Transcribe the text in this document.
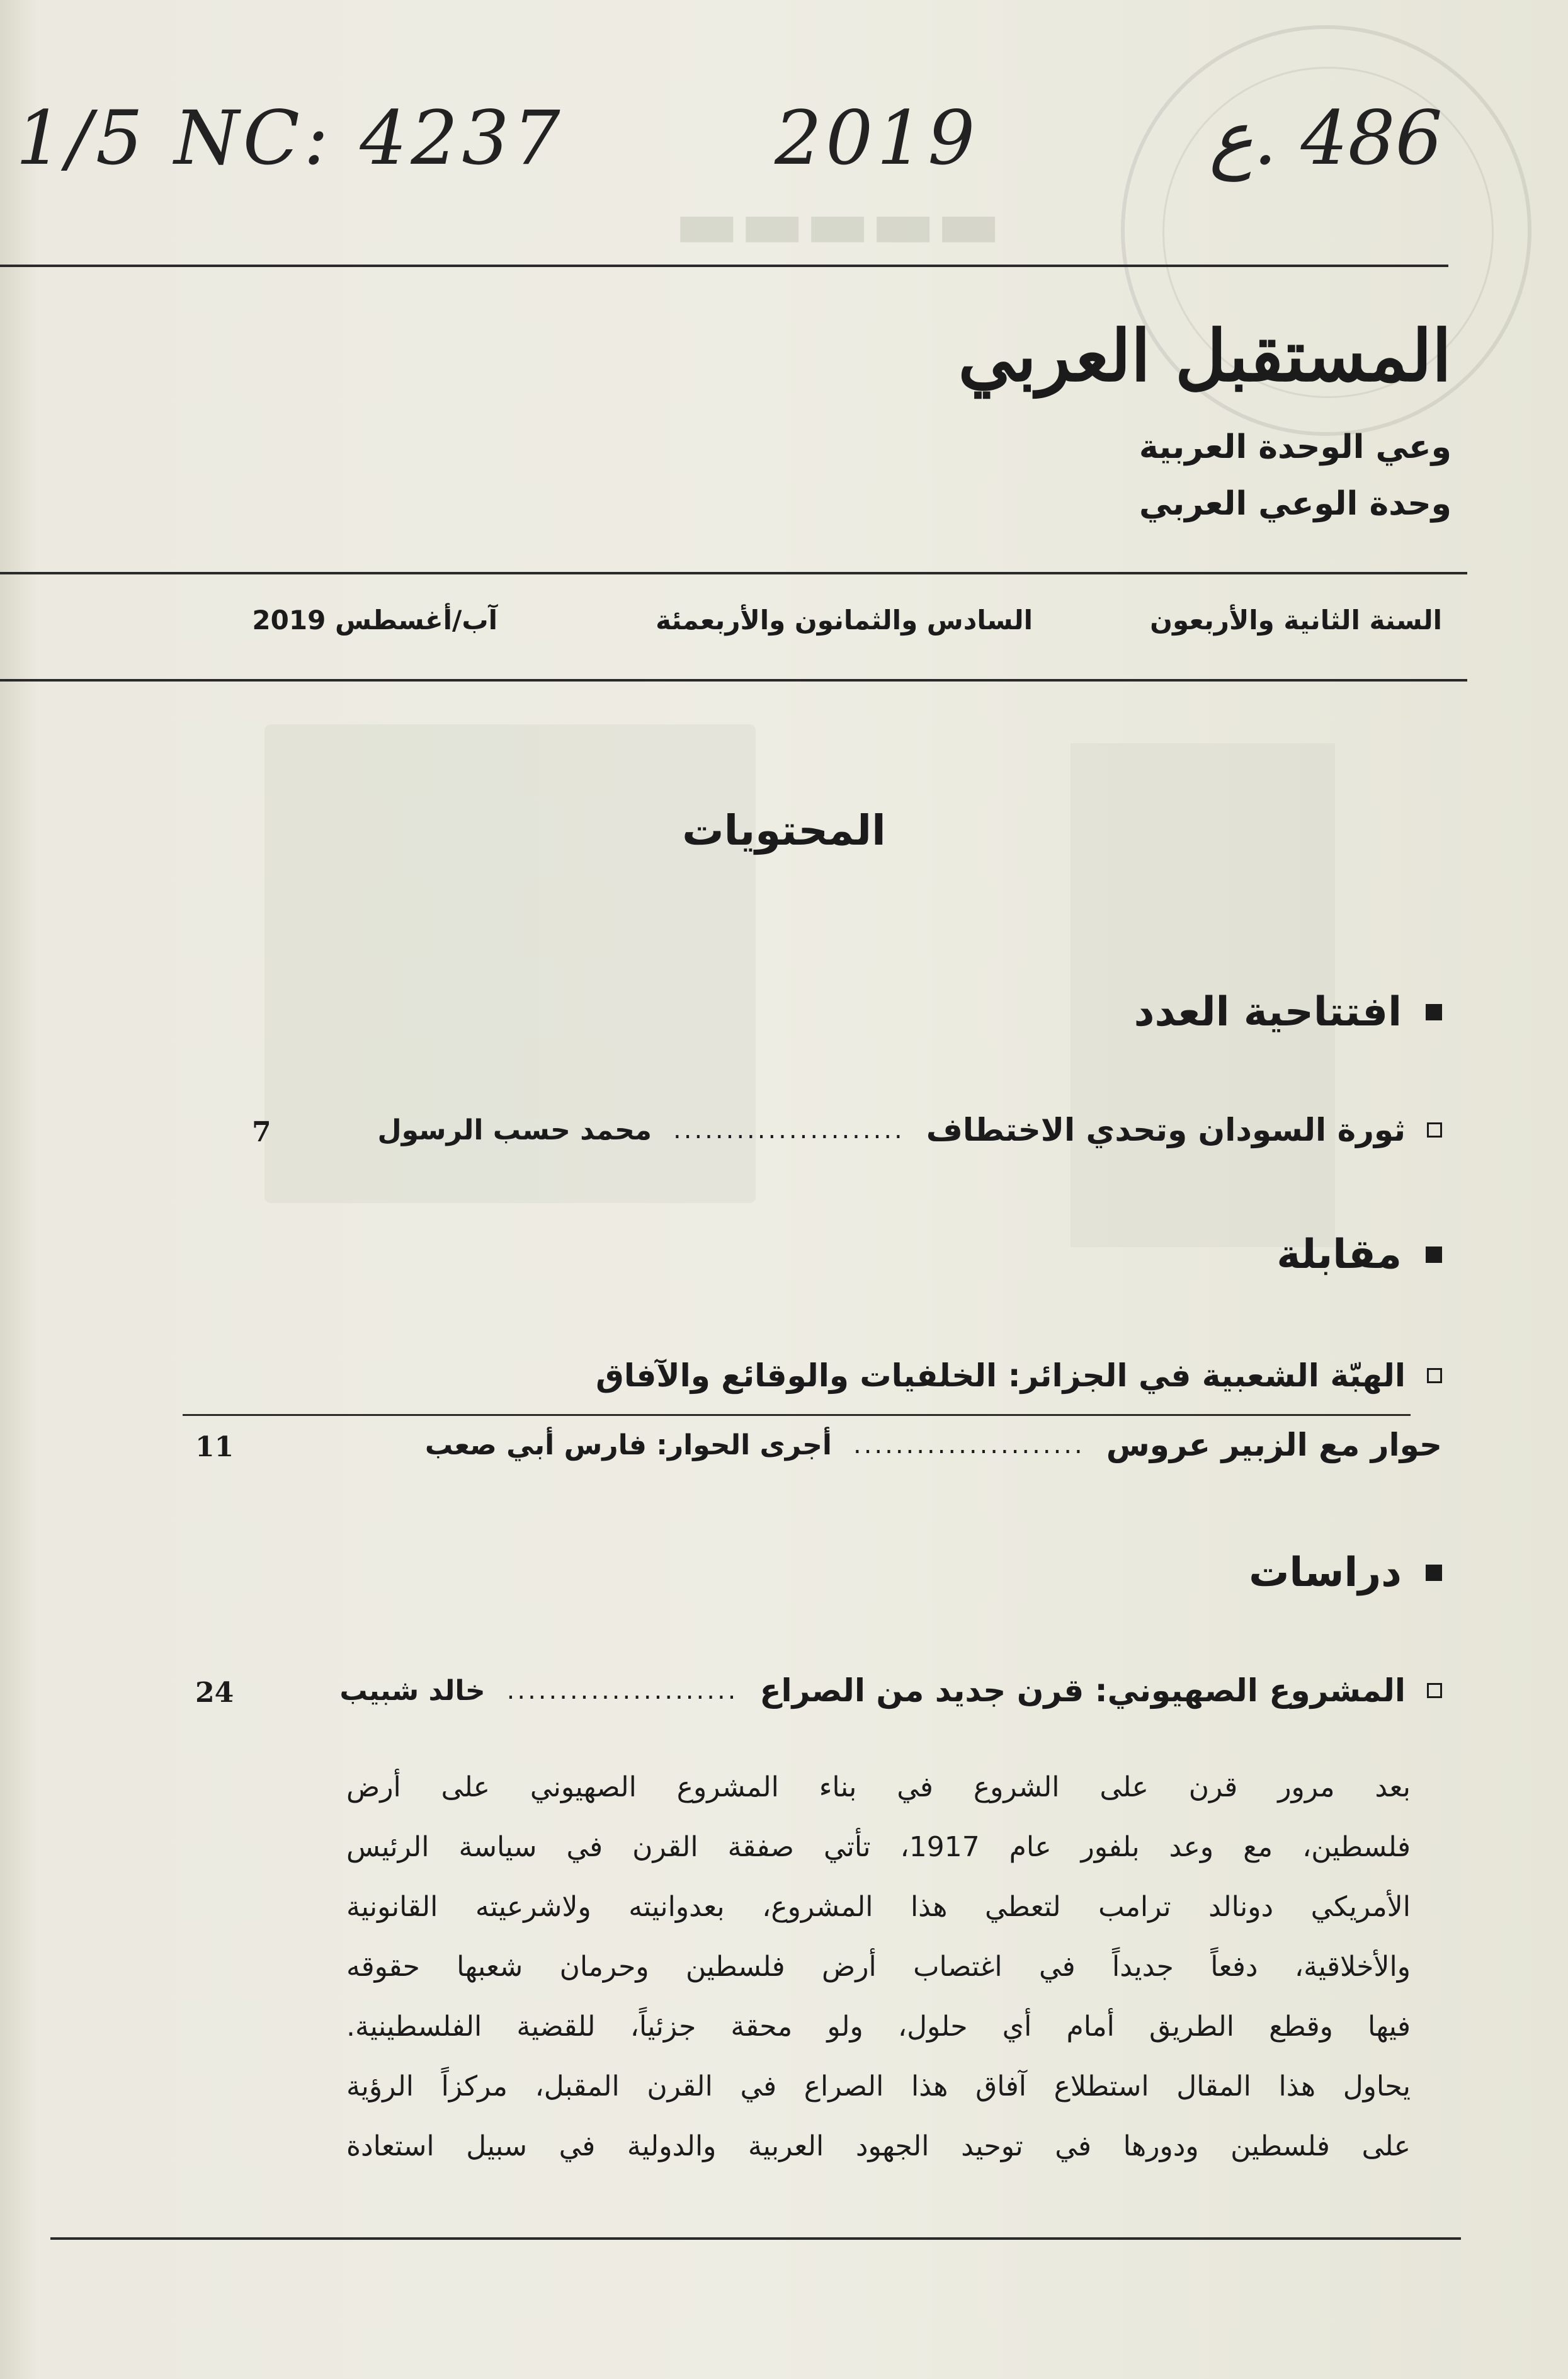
▬▬▬▬▬
1/5 NC: 4237	2019	486 .ع
المستقبل العربي
وعي الوحدة العربية
وحدة الوعي العربي
السنة الثانية والأربعون
السادس والثمانون والأربعمئة
آب/أغسطس 2019
المحتويات
افتتاحية العدد
ثورة السودان وتحدي الاختطاف
......................
محمد حسب الرسول
7
مقابلة
الهبّة الشعبية في الجزائر: الخلفيات والوقائع والآفاق
حوار مع الزبير عروس
......................
أجرى الحوار: فارس أبي صعب
11
دراسات
المشروع الصهيوني: قرن جديد من الصراع
......................
خالد شبيب
24

بعد مرور قرن على الشروع في بناء المشروع الصهيوني على أرض

فلسطين، مع وعد بلفور عام 1917، تأتي صفقة القرن في سياسة الرئيس

الأمريكي دونالد ترامب لتعطي هذا المشروع، بعدوانيته ولاشرعيته القانونية

والأخلاقية، دفعاً جديداً في اغتصاب أرض فلسطين وحرمان شعبها حقوقه

فيها وقطع الطريق أمام أي حلول، ولو محقة جزئياً، للقضية الفلسطينية.

يحاول هذا المقال استطلاع آفاق هذا الصراع في القرن المقبل، مركزاً الرؤية

على فلسطين ودورها في توحيد الجهود العربية والدولية في سبيل استعادة
